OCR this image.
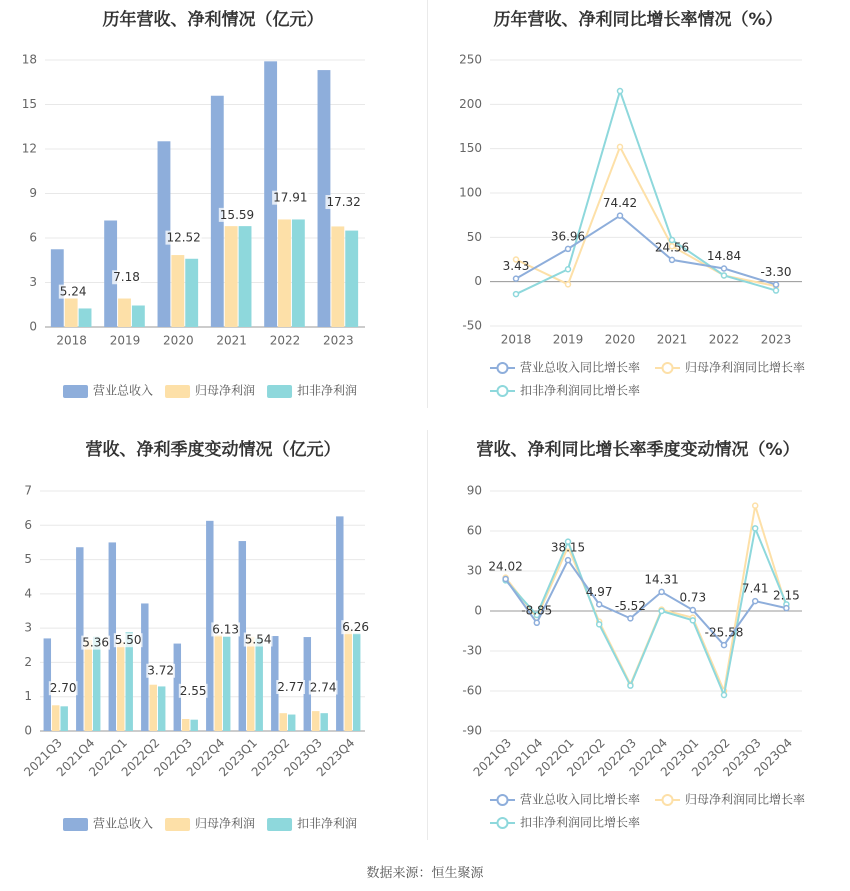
历年营收、净利情况（亿元）
0
3
6
9
12
15
18
2018 2019 2020 2021 2022 2023
5.24
7.18
12.52
15.59
17.91 17.32
营业总收入	归母净利润	扣非净利润
历年营收、净利同比增长率情况（%）
-50
0
50
100
150
200
250
2018 2019 2020 2021 2022 2023
3.43
36.96
74.42
24.56
14.84
-3.30
营业总收入同比增长率	归母净利润同比增长率
扣非净利润同比增长率
营收、净利季度变动情况（亿元）
0
1
2
3
4
5
6
7
2021Q3
2021Q4
2022Q1
2022Q2
2022Q3
2022Q4
2023Q1
2023Q2
2023Q3
2023Q4
2.70
5.36 5.50
3.72
2.55
6.13
5.54
2.77 2.74
6.26
营业总收入	归母净利润	扣非净利润
营收、净利同比增长率季度变动情况（%）
-90
-60
-30
0
30
60
90
2021Q3
2021Q4
2022Q1
2022Q2
2022Q3
2022Q4
2023Q1
2023Q2
2023Q3
2023Q4
24.02
-8.85
38.15
4.97
-5.52
14.31
0.73
-25.58
7.41
2.15
营业总收入同比增长率	归母净利润同比增长率
扣非净利润同比增长率
数据来源：恒生聚源
